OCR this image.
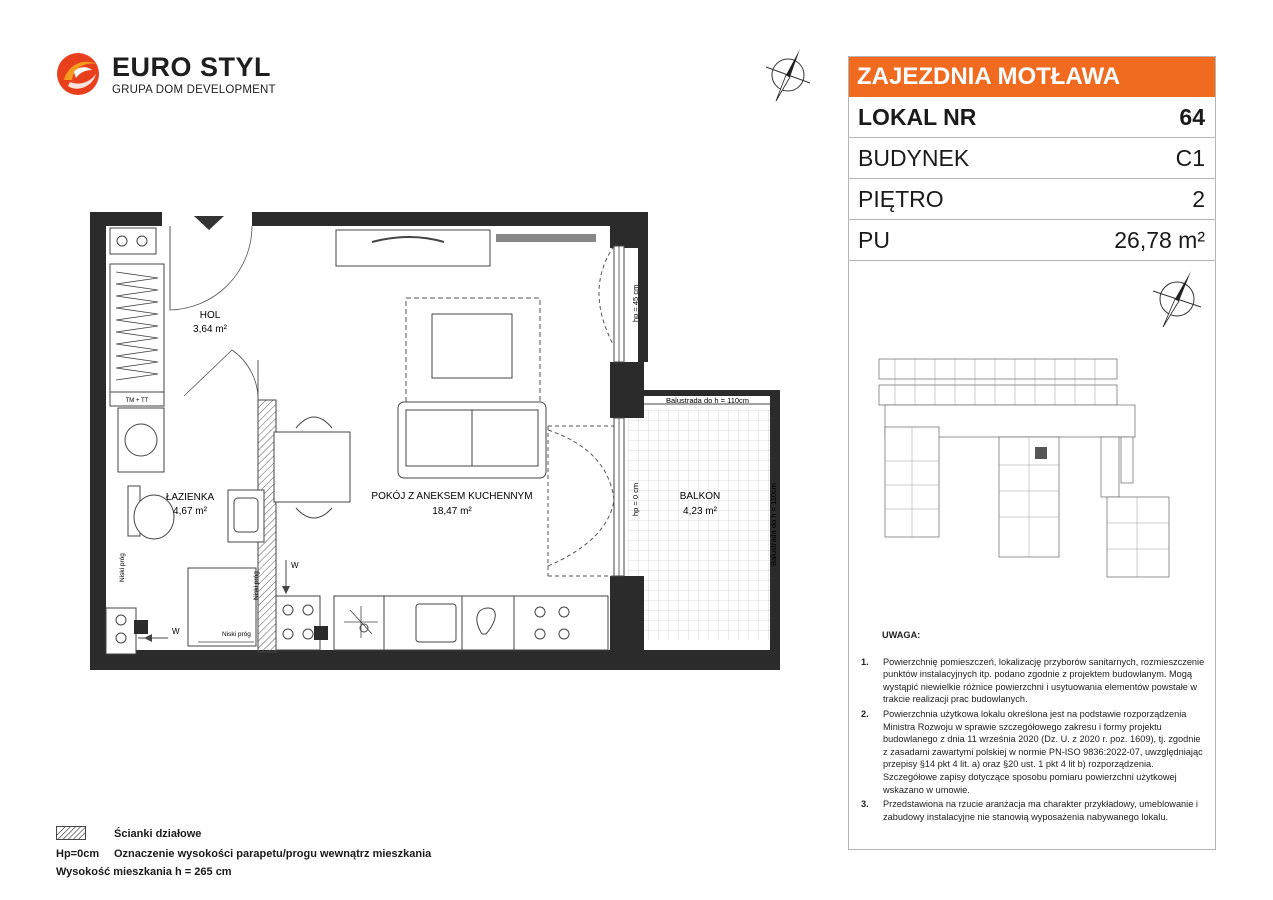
EURO STYL
GRUPA DOM DEVELOPMENT
TM + TT
W
W
Niski próg
Niski próg
Niski próg
HOL
3,64 m²
ŁAZIENKA
4,67 m²
POKÓJ Z ANEKSEM KUCHENNYM
18,47 m²
BALKON
4,23 m²
Balustrada do h = 110cm
Balustrada do h = 110cm
hp = 45 cm
hp = 0 cm
ZAJEZDNIA MOTŁAWA
LOKAL NR	64
BUDYNEK	C1
PIĘTRO	2
PU	26,78 m²
UWAGA:
1. Powierzchnię pomieszczeń, lokalizację przyborów sanitarnych, rozmieszczenie punktów instalacyjnych itp. podano zgodnie z projektem budowlanym. Mogą wystąpić niewielkie różnice powierzchni i usytuowania elementów powstałe w trakcie realizacji prac budowlanych.
2. Powierzchnia użytkowa lokalu określona jest na podstawie rozporządzenia Ministra Rozwoju w sprawie szczegółowego zakresu i formy projektu budowlanego z dnia 11 września 2020 (Dz. U. z 2020 r. poz. 1609), tj. zgodnie z zasadami zawartymi polskiej w normie PN-ISO 9836:2022-07, uwzględniając przepisy §14 pkt 4 lit. a) oraz §20 ust. 1 pkt 4 lit b) rozporządzenia. Szczegółowe zapisy dotyczące sposobu pomiaru powierzchni użytkowej wskazano w umowie.
3. Przedstawiona na rzucie aranżacja ma charakter przykładowy, umeblowanie i zabudowy instalacyjne nie stanowią wyposażenia nabywanego lokalu.
Ścianki działowe
Hp=0cm Oznaczenie wysokości parapetu/progu wewnątrz mieszkania
Wysokość mieszkania h = 265 cm
